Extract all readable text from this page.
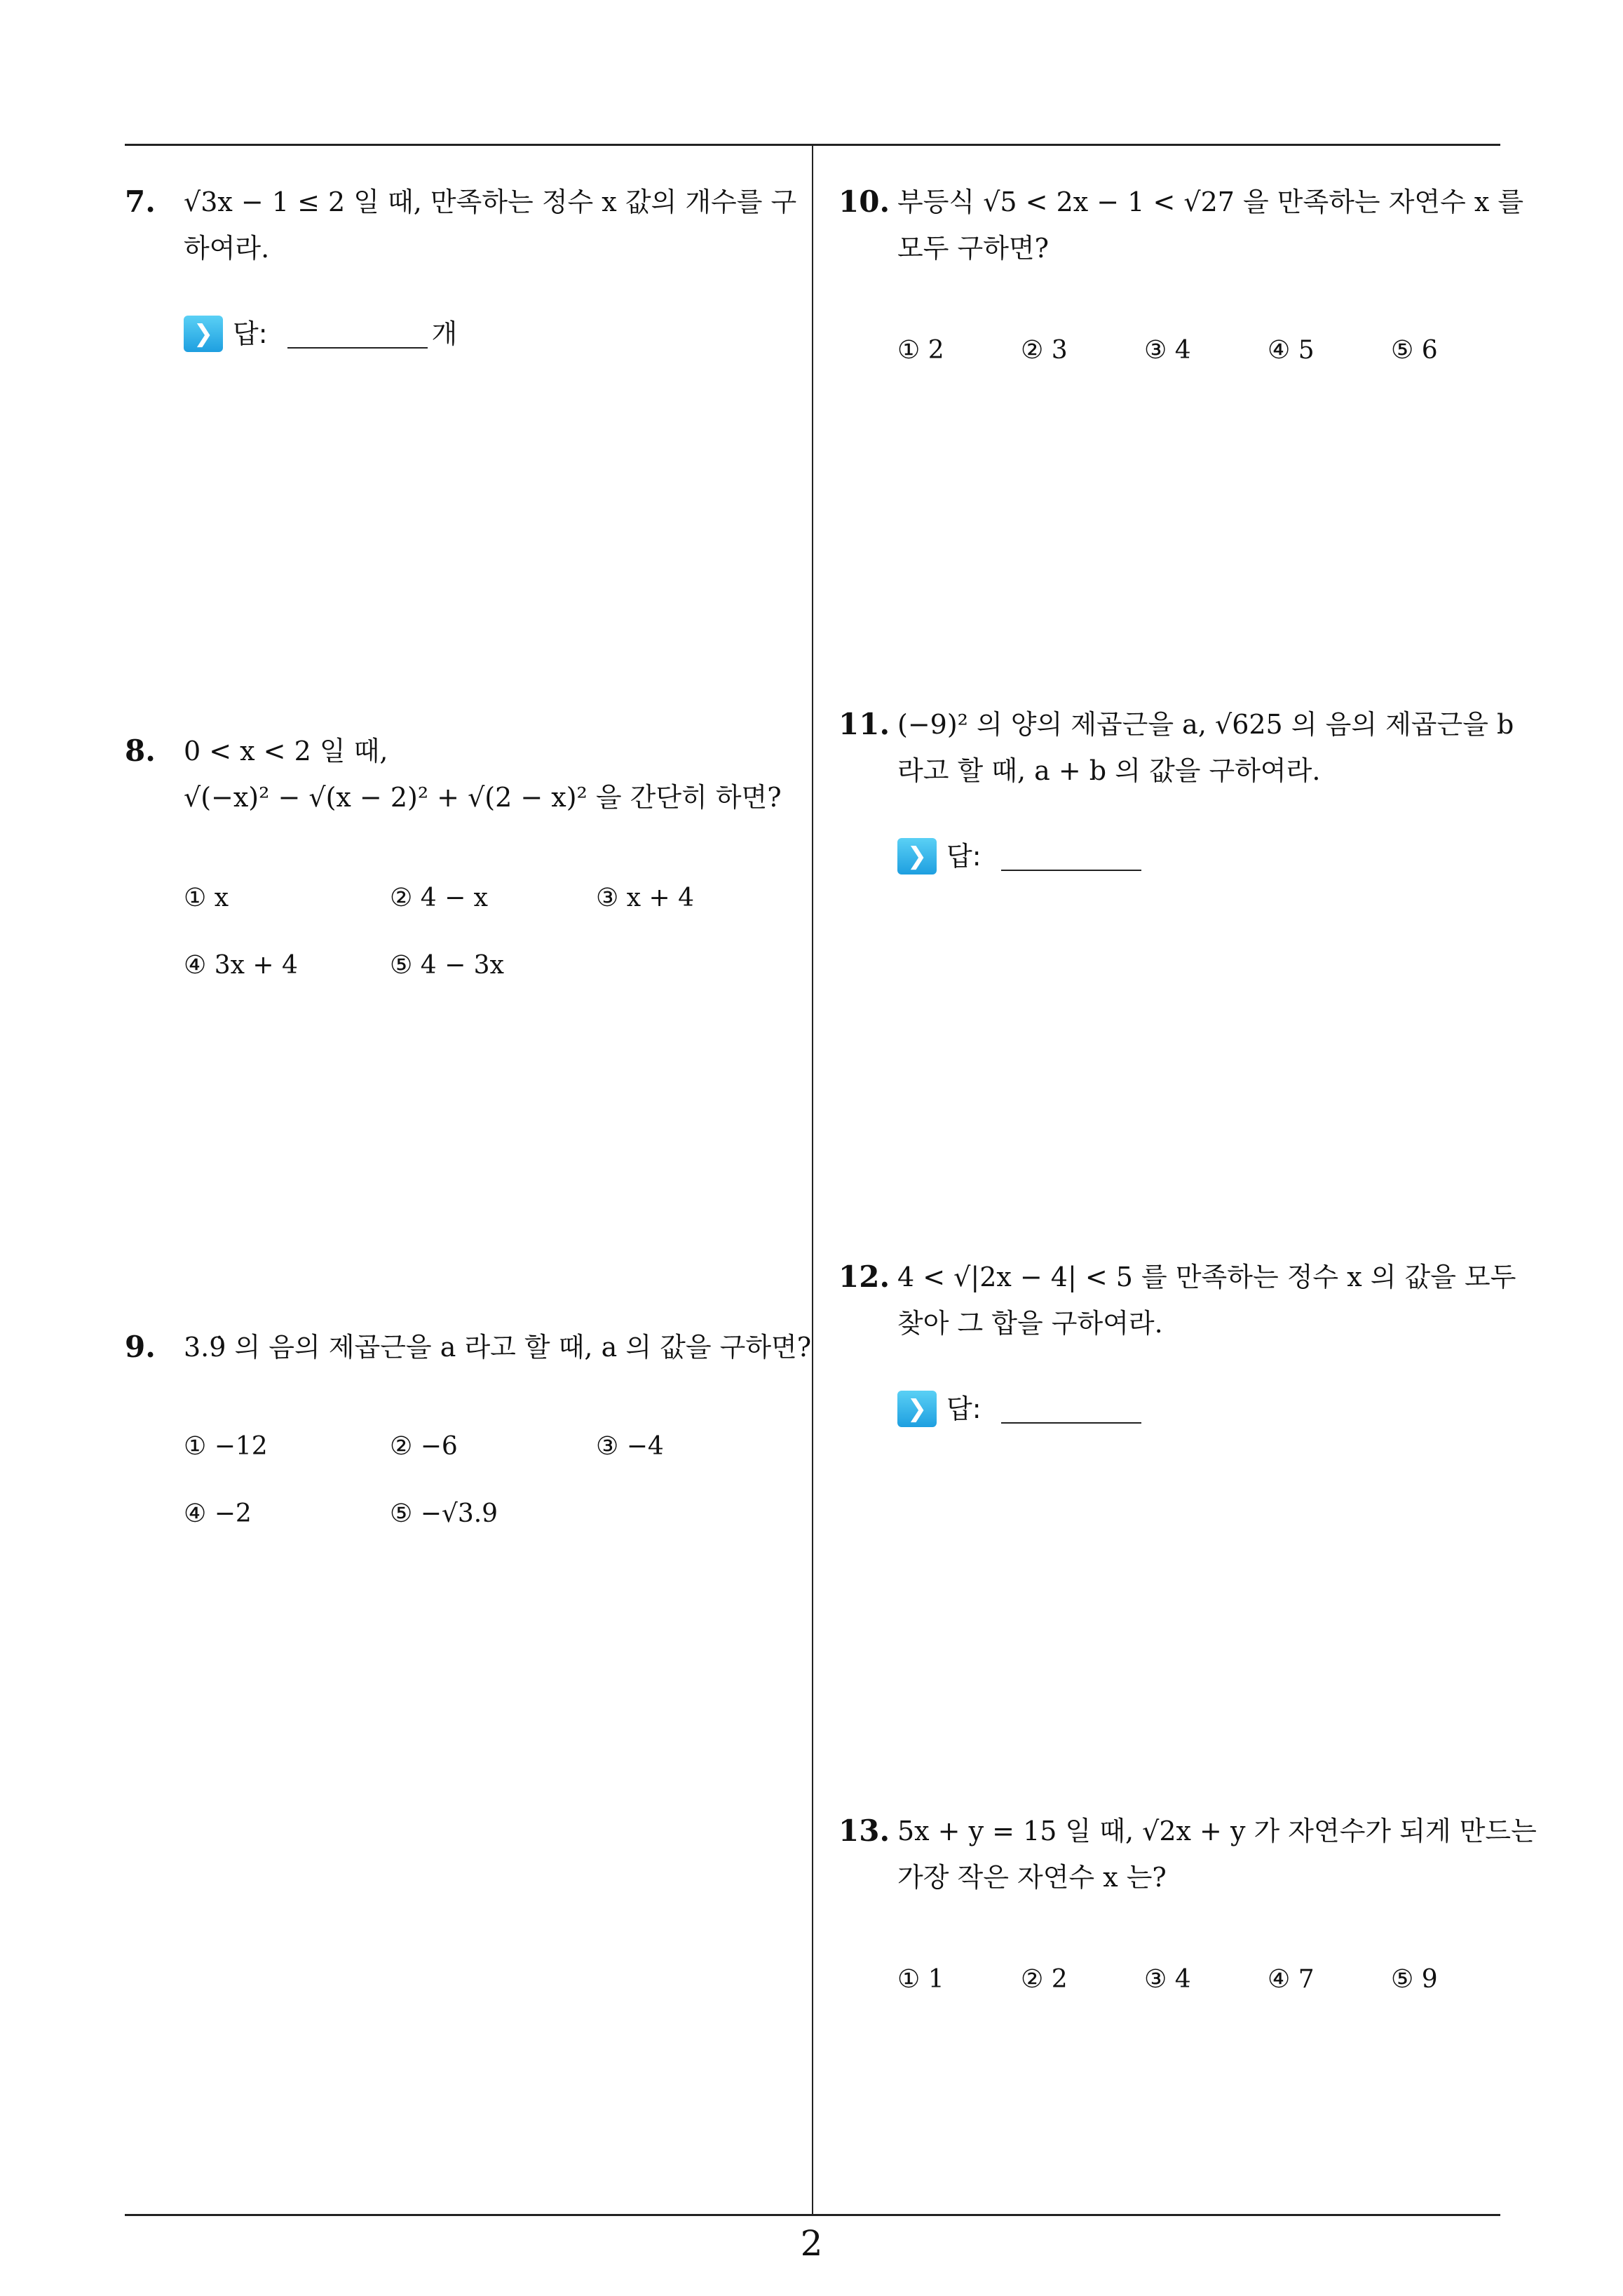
7. √3x − 1 ≤ 2 일 때, 만족하는 정수 x 값의 개수를 구
하여라.
❯ 답:	개
8. 0 < x < 2 일 때,
√(−x)² − √(x − 2)² + √(2 − x)² 을 간단히 하면?
① x	② 4 − x	③ x + 4
④ 3x + 4	⑤ 4 − 3x
9. 3.9̇ 의 음의 제곱근을 a 라고 할 때, a 의 값을 구하면?
① −12	② −6	③ −4
④ −2	⑤ −√3.9
10. 부등식 √5 < 2x − 1 < √27 을 만족하는 자연수 x 를
모두 구하면?
① 2	② 3	③ 4	④ 5	⑤ 6
11. (−9)² 의 양의 제곱근을 a, √625 의 음의 제곱근을 b
라고 할 때, a + b 의 값을 구하여라.
❯ 답:
12. 4 < √|2x − 4| < 5 를 만족하는 정수 x 의 값을 모두
찾아 그 합을 구하여라.
❯ 답:
13. 5x + y = 15 일 때, √2x + y 가 자연수가 되게 만드는
가장 작은 자연수 x 는?
① 1	② 2	③ 4	④ 7	⑤ 9
2
